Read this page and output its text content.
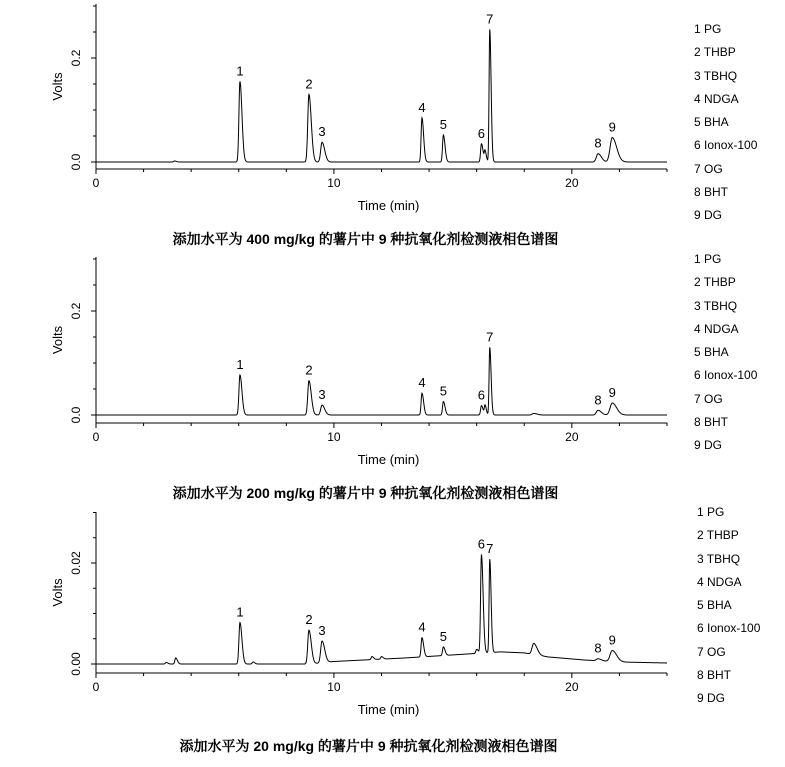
0	10	20
0.0
0.2
Volts
Time (min)
1
2
3
4
5
6
7
8
9
0	10	20
0.0
0.2
Volts
Time (min)
1	2
3
4
5 6
7
8 9
0	10	20
0.00
0.02
Volts
Time (min)
1
2
3	4
5
6 7
8
9
1 PG
2 THBP
3 TBHQ
4 NDGA
5 BHA
6 Ionox-100
7 OG
8 BHT
9 DG
1 PG
2 THBP
3 TBHQ
4 NDGA
5 BHA
6 Ionox-100
7 OG
8 BHT
9 DG
1 PG
2 THBP
3 TBHQ
4 NDGA
5 BHA
6 Ionox-100
7 OG
8 BHT
9 DG
添加水平为 400 mg/kg 的薯片中 9 种抗氧化剂检测液相色谱图
添加水平为 200 mg/kg 的薯片中 9 种抗氧化剂检测液相色谱图
添加水平为 20 mg/kg 的薯片中 9 种抗氧化剂检测液相色谱图
